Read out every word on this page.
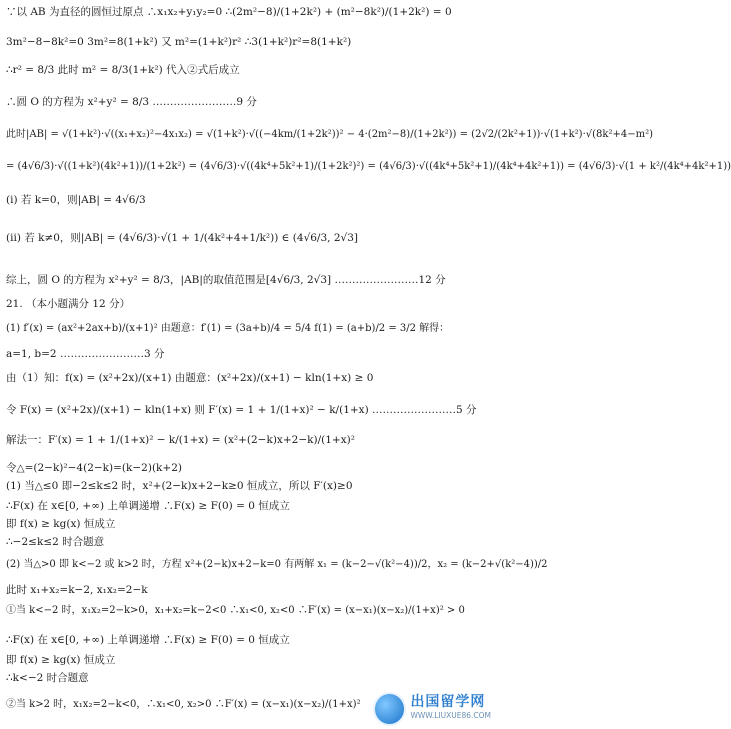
∵以 AB 为直径的圆恒过原点 ∴x₁x₂+y₁y₂=0 ∴(2m²−8)/(1+2k²) + (m²−8k²)/(1+2k²) = 0
3m²−8−8k²=0 3m²=8(1+k²) 又 m²=(1+k²)r² ∴3(1+k²)r²=8(1+k²)
∴r² = 8/3 此时 m² = 8/3(1+k²) 代入②式后成立
∴圆 O 的方程为 x²+y² = 8/3 ……………………9 分
此时|AB| = √(1+k²)·√((x₁+x₂)²−4x₁x₂) = √(1+k²)·√((−4km/(1+2k²))² − 4·(2m²−8)/(1+2k²)) = (2√2/(2k²+1))·√(1+k²)·√(8k²+4−m²)
= (4√6/3)·√((1+k²)(4k²+1))/(1+2k²) = (4√6/3)·√((4k⁴+5k²+1)/(1+2k²)²) = (4√6/3)·√((4k⁴+5k²+1)/(4k⁴+4k²+1)) = (4√6/3)·√(1 + k²/(4k⁴+4k²+1))
(i) 若 k=0，则|AB| = 4√6/3
(ii) 若 k≠0，则|AB| = (4√6/3)·√(1 + 1/(4k²+4+1/k²)) ∈ (4√6/3, 2√3]
综上，圆 O 的方程为 x²+y² = 8/3，|AB|的取值范围是[4√6/3, 2√3] ……………………12 分
21. （本小题满分 12 分）
(1) f′(x) = (ax²+2ax+b)/(x+1)² 由题意：f′(1) = (3a+b)/4 = 5/4 f(1) = (a+b)/2 = 3/2 解得：
a=1, b=2 ……………………3 分
由（1）知：f(x) = (x²+2x)/(x+1) 由题意：(x²+2x)/(x+1) − kln(1+x) ≥ 0
令 F(x) = (x²+2x)/(x+1) − kln(1+x) 则 F′(x) = 1 + 1/(1+x)² − k/(1+x) ……………………5 分
解法一：F′(x) = 1 + 1/(1+x)² − k/(1+x) = (x²+(2−k)x+2−k)/(1+x)²
令△=(2−k)²−4(2−k)=(k−2)(k+2)
(1) 当△≤0 即−2≤k≤2 时，x²+(2−k)x+2−k≥0 恒成立，所以 F′(x)≥0
∴F(x) 在 x∈[0, +∞) 上单调递增 ∴F(x) ≥ F(0) = 0 恒成立
即 f(x) ≥ kg(x) 恒成立
∴−2≤k≤2 时合题意
(2) 当△>0 即 k<−2 或 k>2 时，方程 x²+(2−k)x+2−k=0 有两解 x₁ = (k−2−√(k²−4))/2，x₂ = (k−2+√(k²−4))/2
此时 x₁+x₂=k−2, x₁x₂=2−k
①当 k<−2 时，x₁x₂=2−k>0，x₁+x₂=k−2<0 ∴x₁<0, x₂<0 ∴F′(x) = (x−x₁)(x−x₂)/(1+x)² > 0
∴F(x) 在 x∈[0, +∞) 上单调递增 ∴F(x) ≥ F(0) = 0 恒成立
即 f(x) ≥ kg(x) 恒成立
∴k<−2 时合题意
②当 k>2 时，x₁x₂=2−k<0，∴x₁<0, x₂>0 ∴F′(x) = (x−x₁)(x−x₂)/(1+x)²	出国留学网
WWW.LIUXUE86.COM
